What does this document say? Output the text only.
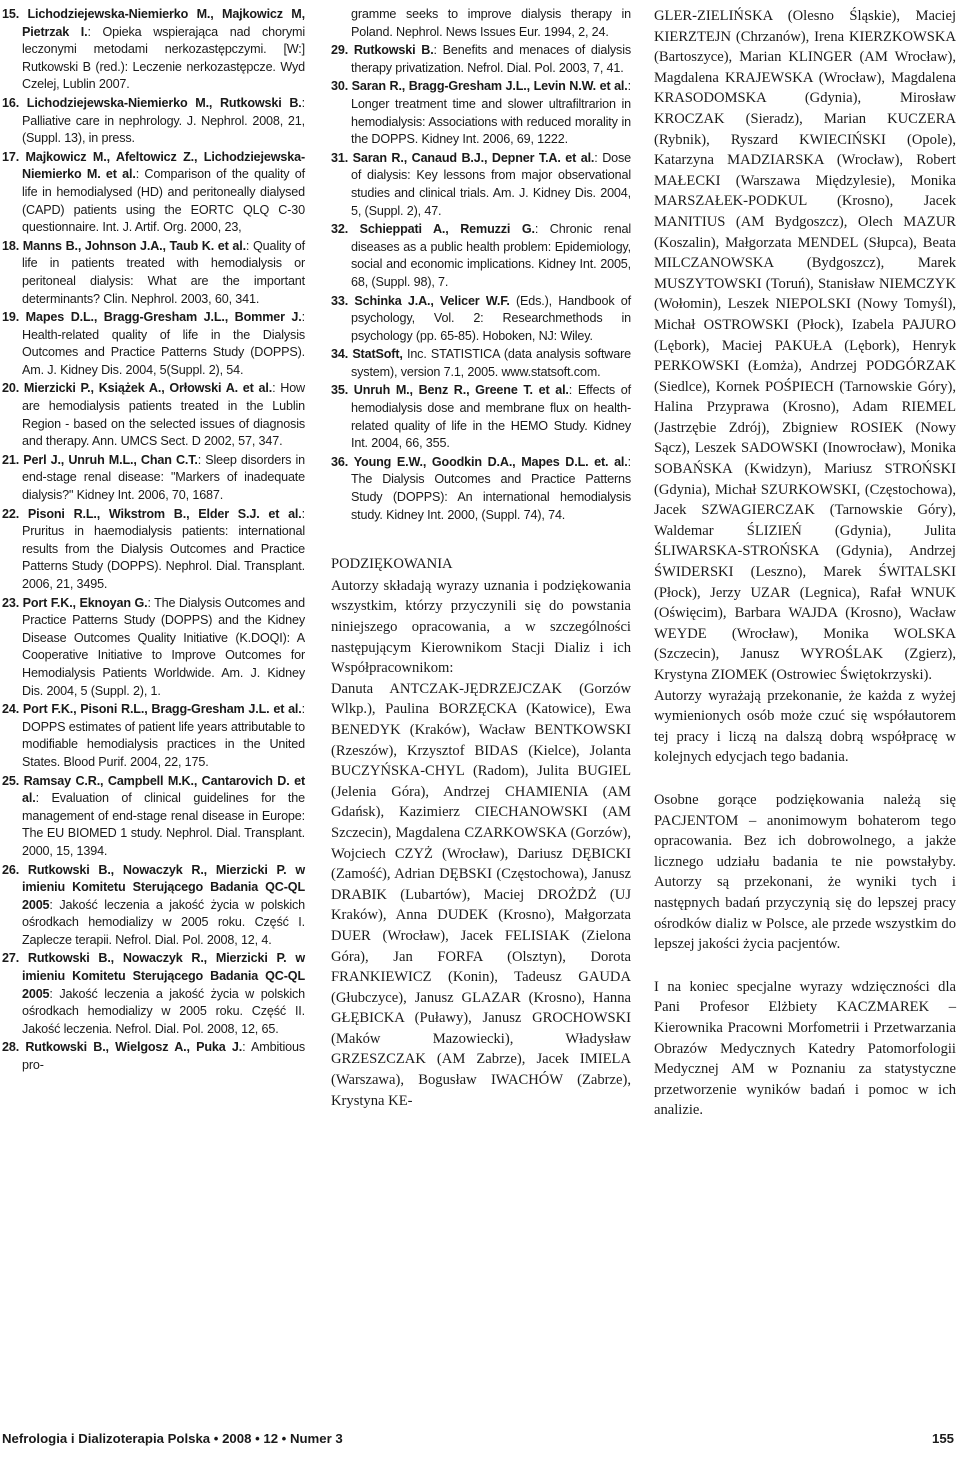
15. Lichodziejewska-Niemierko M., Majkowicz M, Pietrzak I.: Opieka wspierająca nad chorymi leczonymi metodami nerkozastępczymi. [W:] Rutkowski B (red.): Leczenie nerkozastępcze. Wyd Czelej, Lublin 2007.

16. Lichodziejewska-Niemierko M., Rutkowski B.: Palliative care in nephrology. J. Nephrol. 2008, 21, (Suppl. 13), in press.

17. Majkowicz M., Afeltowicz Z., Lichodziejewska-Niemierko M. et al.: Comparison of the quality of life in hemodialysed (HD) and peritoneally dialysed (CAPD) patients using the EORTC QLQ C-30 questionnaire. Int. J. Artif. Org. 2000, 23,

18. Manns B., Johnson J.A., Taub K. et al.: Quality of life in patients treated with hemodialysis or peritoneal dialysis: What are the important determinants? Clin. Nephrol. 2003, 60, 341.

19. Mapes D.L., Bragg-Gresham J.L., Bommer J.: Health-related quality of life in the Dialysis Outcomes and Practice Patterns Study (DOPPS). Am. J. Kidney Dis. 2004, 5(Suppl. 2), 54.

20. Mierzicki P., Książek A., Orłowski A. et al.: How are hemodialysis patients treated in the Lublin Region - based on the selected issues of diagnosis and therapy. Ann. UMCS Sect. D 2002, 57, 347.

21. Perl J., Unruh M.L., Chan C.T.: Sleep disorders in end-stage renal disease: "Markers of inadequate dialysis?" Kidney Int. 2006, 70, 1687.

22. Pisoni R.L., Wikstrom B., Elder S.J. et al.: Pruritus in haemodialysis patients: international results from the Dialysis Outcomes and Practice Patterns Study (DOPPS). Nephrol. Dial. Transplant. 2006, 21, 3495.

23. Port F.K., Eknoyan G.: The Dialysis Outcomes and Practice Patterns Study (DOPPS) and the Kidney Disease Outcomes Quality Initiative (K.DOQI): A Cooperative Initiative to Improve Outcomes for Hemodialysis Patients Worldwide. Am. J. Kidney Dis. 2004, 5 (Suppl. 2), 1.

24. Port F.K., Pisoni R.L., Bragg-Gresham J.L. et al.: DOPPS estimates of patient life years attributable to modifiable hemodialysis practices in the United States. Blood Purif. 2004, 22, 175.

25. Ramsay C.R., Campbell M.K., Cantarovich D. et al.: Evaluation of clinical guidelines for the management of end-stage renal disease in Europe: The EU BIOMED 1 study. Nephrol. Dial. Transplant. 2000, 15, 1394.

26. Rutkowski B., Nowaczyk R., Mierzicki P. w imieniu Komitetu Sterującego Badania QC-QL 2005: Jakość leczenia a jakość życia w polskich ośrodkach hemodializy w 2005 roku. Część I. Zaplecze terapii. Nefrol. Dial. Pol. 2008, 12, 4.

27. Rutkowski B., Nowaczyk R., Mierzicki P. w imieniu Komitetu Sterującego Badania QC-QL 2005: Jakość leczenia a jakość życia w polskich ośrodkach hemodializy w 2005 roku. Część II. Jakość leczenia. Nefrol. Dial. Pol. 2008, 12, 65.

28. Rutkowski B., Wielgosz A., Puka J.: Ambitious pro-

gramme seeks to improve dialysis therapy in Poland. Nephrol. News Issues Eur. 1994, 2, 24.

29. Rutkowski B.: Benefits and menaces of dialysis therapy privatization. Nefrol. Dial. Pol. 2003, 7, 41.

30. Saran R., Bragg-Gresham J.L., Levin N.W. et al.: Longer treatment time and slower ultrafiltrarion in hemodialysis: Associations with reduced morality in the DOPPS. Kidney Int. 2006, 69, 1222.

31. Saran R., Canaud B.J., Depner T.A. et al.: Dose of dialysis: Key lessons from major observational studies and clinical trials. Am. J. Kidney Dis. 2004, 5, (Suppl. 2), 47.

32. Schieppati A., Remuzzi G.: Chronic renal diseases as a public health problem: Epidemiology, social and economic implications. Kidney Int. 2005, 68, (Suppl. 98), 7.

33. Schinka J.A., Velicer W.F. (Eds.), Handbook of psychology, Vol. 2: Researchmethods in psychology (pp. 65-85). Hoboken, NJ: Wiley.

34. StatSoft, Inc. STATISTICA (data analysis software system), version 7.1, 2005. www.statsoft.com.

35. Unruh M., Benz R., Greene T. et al.: Effects of hemodialysis dose and membrane flux on health-related quality of life in the HEMO Study. Kidney Int. 2004, 66, 355.

36. Young E.W., Goodkin D.A., Mapes D.L. et. al.: The Dialysis Outcomes and Practice Patterns Study (DOPPS): An international hemodialysis study. Kidney Int. 2000, (Suppl. 74), 74.

PODZIĘKOWANIA

Autorzy składają wyrazy uznania i podziękowania wszystkim, którzy przyczynili się do powstania niniejszego opracowania, a w szczególności następującym Kierownikom Stacji Dializ i ich Współpracownikom:

Danuta ANTCZAK-JĘDRZEJCZAK (Gorzów Wlkp.), Paulina BORZĘCKA (Katowice), Ewa BENEDYK (Kraków), Wacław BENTKOWSKI (Rzeszów), Krzysztof BIDAS (Kielce), Jolanta BUCZYŃSKA-CHYL (Radom), Julita BUGIEL (Jelenia Góra), Andrzej CHAMIENIA (AM Gdańsk), Kazimierz CIECHANOWSKI (AM Szczecin), Magdalena CZARKOWSKA (Gorzów), Wojciech CZYŻ (Wrocław), Dariusz DĘBICKI (Zamość), Adrian DĘBSKI (Częstochowa), Janusz DRABIK (Lubartów), Maciej DROŻDŻ (UJ Kraków), Anna DUDEK (Krosno), Małgorzata DUER (Wrocław), Jacek FELISIAK (Zielona Góra), Jan FORFA (Olsztyn), Dorota FRANKIEWICZ (Konin), Tadeusz GAUDA (Głubczyce), Janusz GLAZAR (Krosno), Hanna GŁĘBICKA (Puławy), Janusz GROCHOWSKI (Maków Mazowiecki), Władysław GRZESZCZAK (AM Zabrze), Jacek IMIELA (Warszawa), Bogusław IWACHÓW (Zabrze), Krystyna KE-

GLER-ZIELIŃSKA (Olesno Śląskie), Maciej KIERZTEJN (Chrzanów), Irena KIERZKOWSKA (Bartoszyce), Marian KLINGER (AM Wrocław), Magdalena KRAJEWSKA (Wrocław), Magdalena KRASODOMSKA (Gdynia), Mirosław KROCZAK (Sieradz), Marian KUCZERA (Rybnik), Ryszard KWIECIŃSKI (Opole), Katarzyna MADZIARSKA (Wrocław), Robert MAŁECKI (Warszawa Międzylesie), Monika MARSZAŁEK-PODKUL (Krosno), Jacek MANITIUS (AM Bydgoszcz), Olech MAZUR (Koszalin), Małgorzata MENDEL (Słupca), Beata MILCZANOWSKA (Bydgoszcz), Marek MUSZYTOWSKI (Toruń), Stanisław NIEMCZYK (Wołomin), Leszek NIEPOLSKI (Nowy Tomyśl), Michał OSTROWSKI (Płock), Izabela PAJURO (Lębork), Maciej PAKUŁA (Lębork), Henryk PERKOWSKI (Łomża), Andrzej PODGÓRZAK (Siedlce), Kornek POŚPIECH (Tarnowskie Góry), Halina Przyprawa (Krosno), Adam RIEMEL (Jastrzębie Zdrój), Zbigniew ROSIEK (Nowy Sącz), Leszek SADOWSKI (Inowrocław), Monika SOBAŃSKA (Kwidzyn), Mariusz STROŃSKI (Gdynia), Michał SZURKOWSKI, (Częstochowa), Jacek SZWAGIERCZAK (Tarnowskie Góry), Waldemar ŚLIZIEŃ (Gdynia), Julita ŚLIWARSKA-STROŃSKA (Gdynia), Andrzej ŚWIDERSKI (Leszno), Marek ŚWITALSKI (Płock), Jerzy UZAR (Legnica), Rafał WNUK (Oświęcim), Barbara WAJDA (Krosno), Wacław WEYDE (Wrocław), Monika WOLSKA (Szczecin), Janusz WYROŚLAK (Zgierz), Krystyna ZIOMEK (Ostrowiec Świętokrzyski).

Autorzy wyrażają przekonanie, że każda z wyżej wymienionych osób może czuć się współautorem tej pracy i liczą na dalszą dobrą współpracę w kolejnych edycjach tego badania.

Osobne gorące podziękowania należą się PACJENTOM – anonimowym bohaterom tego opracowania. Bez ich dobrowolnego, a jakże licznego udziału badania te nie powstałyby. Autorzy są przekonani, że wyniki tych i następnych badań przyczynią się do lepszej pracy ośrodków dializ w Polsce, ale przede wszystkim do lepszej jakości życia pacjentów.

I na koniec specjalne wyrazy wdzięczności dla Pani Profesor Elżbiety KACZMAREK – Kierownika Pracowni Morfometrii i Przetwarzania Obrazów Medycznych Katedry Patomorfologii Medycznej AM w Poznaniu za statystyczne przetworzenie wyników badań i pomoc w ich analizie.

Nefrologia i Dializoterapia Polska • 2008 • 12 • Numer 3	155
